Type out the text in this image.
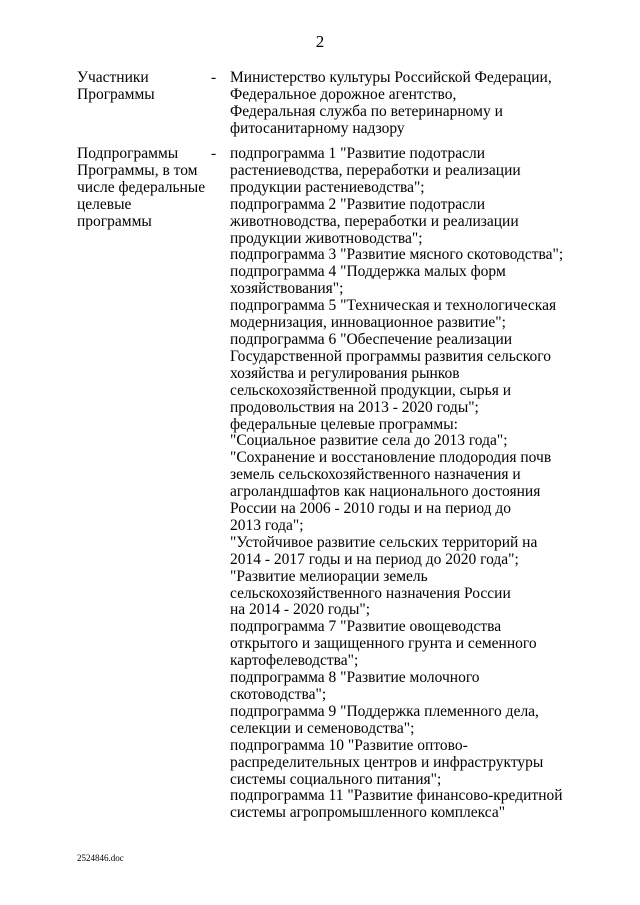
2
Участники
Программы
- Министерство культуры Российской Федерации,
Федеральное дорожное агентство,
Федеральная служба по ветеринарному и
фитосанитарному надзору
Подпрограммы
Программы, в том
числе федеральные
целевые
программы
- подпрограмма 1 "Развитие подотрасли
растениеводства, переработки и реализации
продукции растениеводства";
подпрограмма 2 "Развитие подотрасли
животноводства, переработки и реализации
продукции животноводства";
подпрограмма 3 "Развитие мясного скотоводства";
подпрограмма 4 "Поддержка малых форм
хозяйствования";
подпрограмма 5 "Техническая и технологическая
модернизация, инновационное развитие";
подпрограмма 6 "Обеспечение реализации
Государственной программы развития сельского
хозяйства и регулирования рынков
сельскохозяйственной продукции, сырья и
продовольствия на 2013 - 2020 годы";
федеральные целевые программы:
"Социальное развитие села до 2013 года";
"Сохранение и восстановление плодородия почв
земель сельскохозяйственного назначения и
агроландшафтов как национального достояния
России на 2006 - 2010 годы и на период до
2013 года";
"Устойчивое развитие сельских территорий на
2014 - 2017 годы и на период до 2020 года";
"Развитие мелиорации земель
сельскохозяйственного назначения России
на 2014 - 2020 годы";
подпрограмма 7 "Развитие овощеводства
открытого и защищенного грунта и семенного
картофелеводства";
подпрограмма 8 "Развитие молочного
скотоводства";
подпрограмма 9 "Поддержка племенного дела,
селекции и семеноводства";
подпрограмма 10 "Развитие оптово-
распределительных центров и инфраструктуры
системы социального питания";
подпрограмма 11 "Развитие финансово-кредитной
системы агропромышленного комплекса"
2524846.doc
